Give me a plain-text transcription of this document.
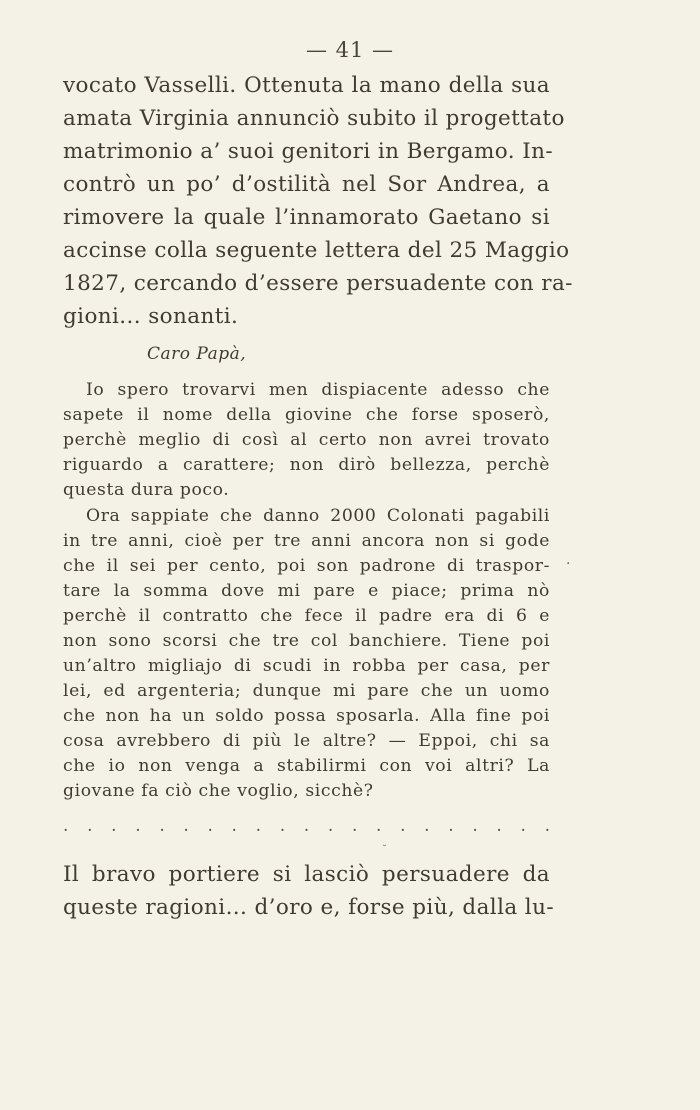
— 41 —

vocato Vasselli. Ottenuta la mano della sua

amata Virginia annunciò subito il progettato

matrimonio a’ suoi genitori in Bergamo. In-

contrò un po’ d’ostilità nel Sor Andrea, a

rimovere la quale l’innamorato Gaetano si

accinse colla seguente lettera del 25 Maggio

1827, cercando d’essere persuadente con ra-

gioni... sonanti.

Caro Papà,

Io spero trovarvi men dispiacente adesso che

sapete il nome della giovine che forse sposerò,

perchè meglio di così al certo non avrei trovato

riguardo a carattere; non dirò bellezza, perchè

questa dura poco.

Ora sappiate che danno 2000 Colonati pagabili

in tre anni, cioè per tre anni ancora non si gode

che il sei per cento, poi son padrone di traspor-

tare la somma dove mi pare e piace; prima nò

perchè il contratto che fece il padre era di 6 e

non sono scorsi che tre col banchiere. Tiene poi

un’altro migliajo di scudi in robba per casa, per

lei, ed argenteria; dunque mi pare che un uomo

che non ha un soldo possa sposarla. Alla fine poi

cosa avrebbero di più le altre? — Eppoi, chi sa

che io non venga a stabilirmi con voi altri? La

giovane fa ciò che voglio, sicchè?

. . . . . . . . . . . . . . . . . . . . .
·
˘

Il bravo portiere si lasciò persuadere da

queste ragioni... d’oro e, forse più, dalla lu-
